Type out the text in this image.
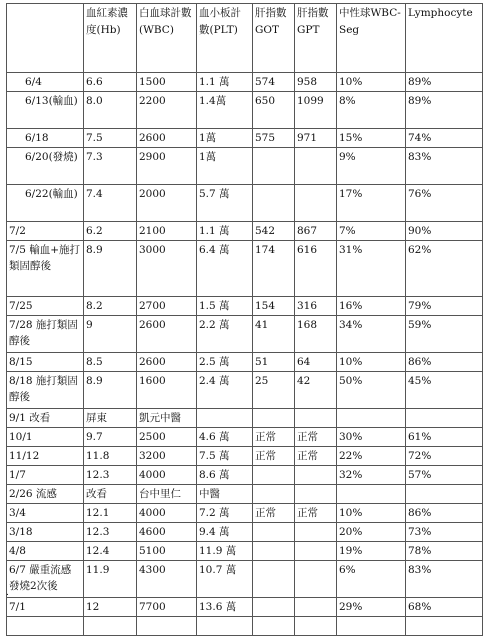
	血紅素濃度(Hb)	白血球計數(WBC)	血小板計數(PLT)	肝指數GOT	肝指數GPT	中性球WBC-Seg	Lymphocyte
6/4	6.6	1500	1.1 萬	574	958	10%	89%
6/13(輸血)	8.0	2200	1.4萬	650	1099	8%	89%
6/18	7.5	2600	1萬	575	971	15%	74%
6/20(發燒)	7.3	2900	1萬			9%	83%
6/22(輸血)	7.4	2000	5.7 萬			17%	76%
7/2	6.2	2100	1.1 萬	542	867	7%	90%
7/5 輸血+施打類固醇後	8.9	3000	6.4 萬	174	616	31%	62%
7/25	8.2	2700	1.5 萬	154	316	16%	79%
7/28 施打類固醇後	9	2600	2.2 萬	41	168	34%	59%
8/15	8.5	2600	2.5 萬	51	64	10%	86%
8/18 施打類固醇後	8.9	1600	2.4 萬	25	42	50%	45%
9/1 改看	屏東	凱元中醫					
10/1	9.7	2500	4.6 萬	正常	正常	30%	61%
11/12	11.8	3200	7.5 萬	正常	正常	22%	72%
1/7	12.3	4000	8.6 萬			32%	57%
2/26 流感	改看	台中里仁	中醫				
3/4	12.1	4000	7.2 萬	正常	正常	10%	86%
3/18	12.3	4600	9.4 萬			20%	73%
4/8	12.4	5100	11.9 萬			19%	78%
6/7 嚴重流感發燒2次後	11.9	4300	10.7 萬			6%	83%
7/1	12	7700	13.6 萬			29%	68%

.
